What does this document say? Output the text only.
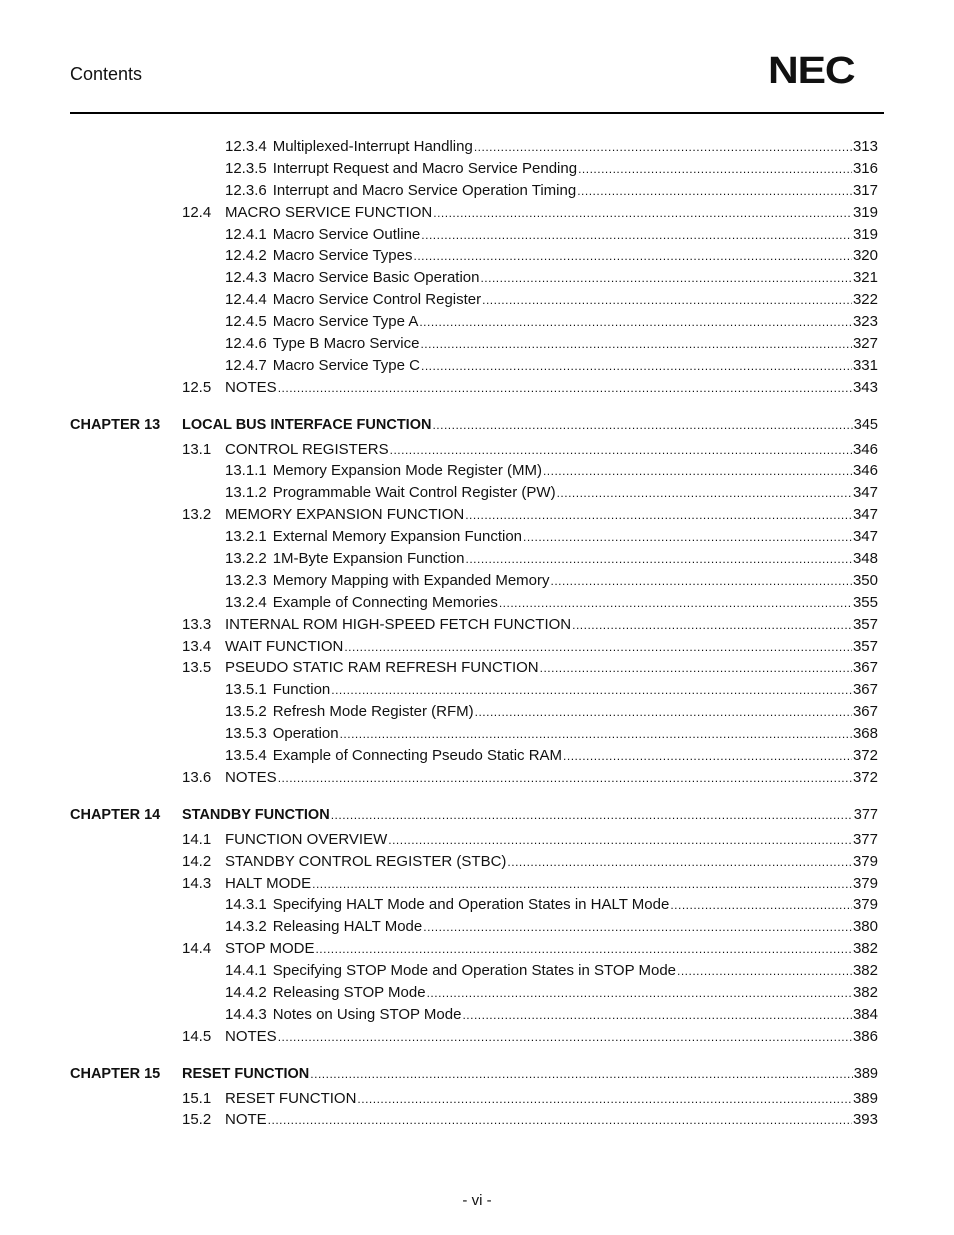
Contents	NEC
12.3.4 Multiplexed-Interrupt Handling .....	313
12.3.5 Interrupt Request and Macro Service Pending .....	316
12.3.6 Interrupt and Macro Service Operation Timing .....	317
12.4 MACRO SERVICE FUNCTION .....	319
12.4.1 Macro Service Outline .....	319
12.4.2 Macro Service Types .....	320
12.4.3 Macro Service Basic Operation .....	321
12.4.4 Macro Service Control Register .....	322
12.4.5 Macro Service Type A .....	323
12.4.6 Type B Macro Service .....	327
12.4.7 Macro Service Type C .....	331
12.5 NOTES .....	343
CHAPTER 13 LOCAL BUS INTERFACE FUNCTION .....	345
13.1 CONTROL REGISTERS .....	346
13.1.1 Memory Expansion Mode Register (MM) .....	346
13.1.2 Programmable Wait Control Register (PW) .....	347
13.2 MEMORY EXPANSION FUNCTION .....	347
13.2.1 External Memory Expansion Function .....	347
13.2.2 1M-Byte Expansion Function .....	348
13.2.3 Memory Mapping with Expanded Memory .....	350
13.2.4 Example of Connecting Memories .....	355
13.3 INTERNAL ROM HIGH-SPEED FETCH FUNCTION .....	357
13.4 WAIT FUNCTION .....	357
13.5 PSEUDO STATIC RAM REFRESH FUNCTION .....	367
13.5.1 Function .....	367
13.5.2 Refresh Mode Register (RFM) .....	367
13.5.3 Operation .....	368
13.5.4 Example of Connecting Pseudo Static RAM .....	372
13.6 NOTES .....	372
CHAPTER 14 STANDBY FUNCTION .....	377
14.1 FUNCTION OVERVIEW .....	377
14.2 STANDBY CONTROL REGISTER (STBC) .....	379
14.3 HALT MODE .....	379
14.3.1 Specifying HALT Mode and Operation States in HALT Mode .....	379
14.3.2 Releasing HALT Mode .....	380
14.4 STOP MODE .....	382
14.4.1 Specifying STOP Mode and Operation States in STOP Mode .....	382
14.4.2 Releasing STOP Mode .....	382
14.4.3 Notes on Using STOP Mode .....	384
14.5 NOTES .....	386
CHAPTER 15 RESET FUNCTION .....	389
15.1 RESET FUNCTION .....	389
15.2 NOTE .....	393
- vi -
